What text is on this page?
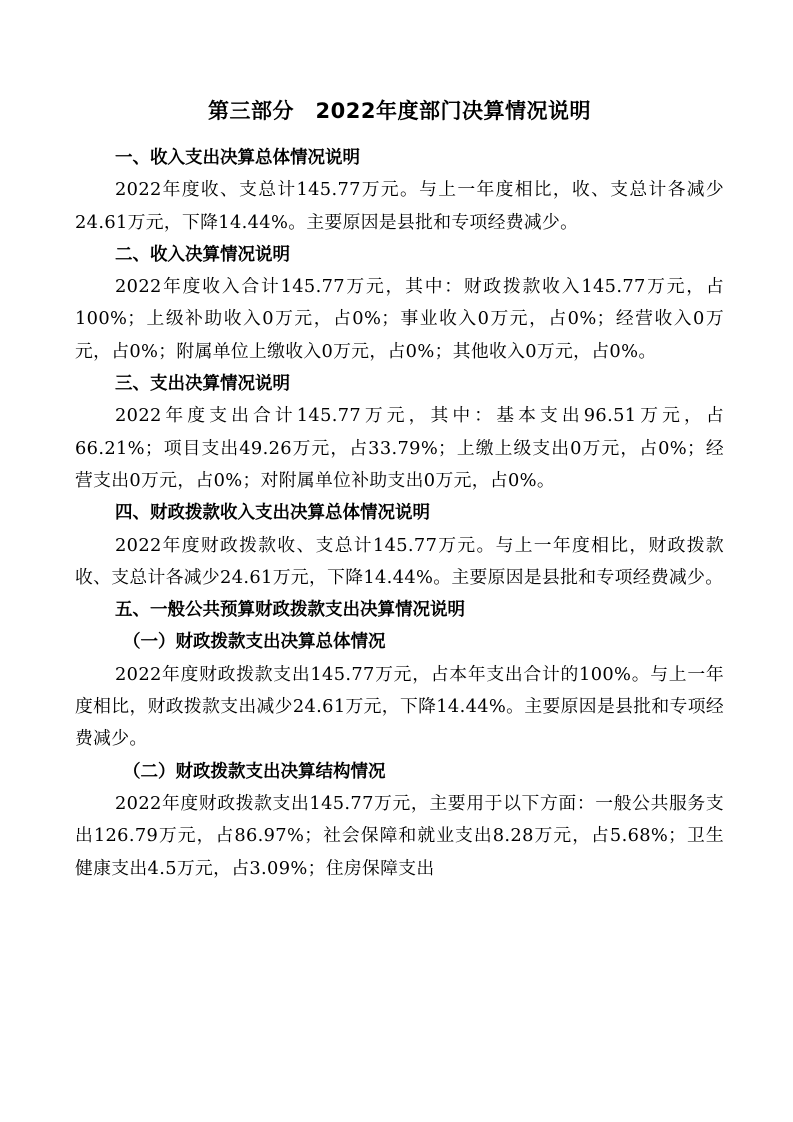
第三部分　2022年度部门决算情况说明
一、收入支出决算总体情况说明
2022年度收、支总计145.77万元。与上一年度相比，收、支总计各减少24.61万元，下降14.44%。主要原因是县批和专项经费减少。
二、收入决算情况说明
2022年度收入合计145.77万元，其中：财政拨款收入145.77万元，占100%；上级补助收入0万元，占0%；事业收入0万元，占0%；经营收入0万元，占0%；附属单位上缴收入0万元，占0%；其他收入0万元，占0%。
三、支出决算情况说明
2022年度支出合计145.77万元，其中：基本支出96.51万元，占66.21%；项目支出49.26万元，占33.79%；上缴上级支出0万元，占0%；经营支出0万元，占0%；对附属单位补助支出0万元，占0%。
四、财政拨款收入支出决算总体情况说明
2022年度财政拨款收、支总计145.77万元。与上一年度相比，财政拨款收、支总计各减少24.61万元，下降14.44%。主要原因是县批和专项经费减少。
五、一般公共预算财政拨款支出决算情况说明
（一）财政拨款支出决算总体情况
2022年度财政拨款支出145.77万元，占本年支出合计的100%。与上一年度相比，财政拨款支出减少24.61万元，下降14.44%。主要原因是县批和专项经费减少。
（二）财政拨款支出决算结构情况
2022年度财政拨款支出145.77万元，主要用于以下方面：一般公共服务支出126.79万元，占86.97%；社会保障和就业支出8.28万元，占5.68%；卫生健康支出4.5万元，占3.09%；住房保障支出
